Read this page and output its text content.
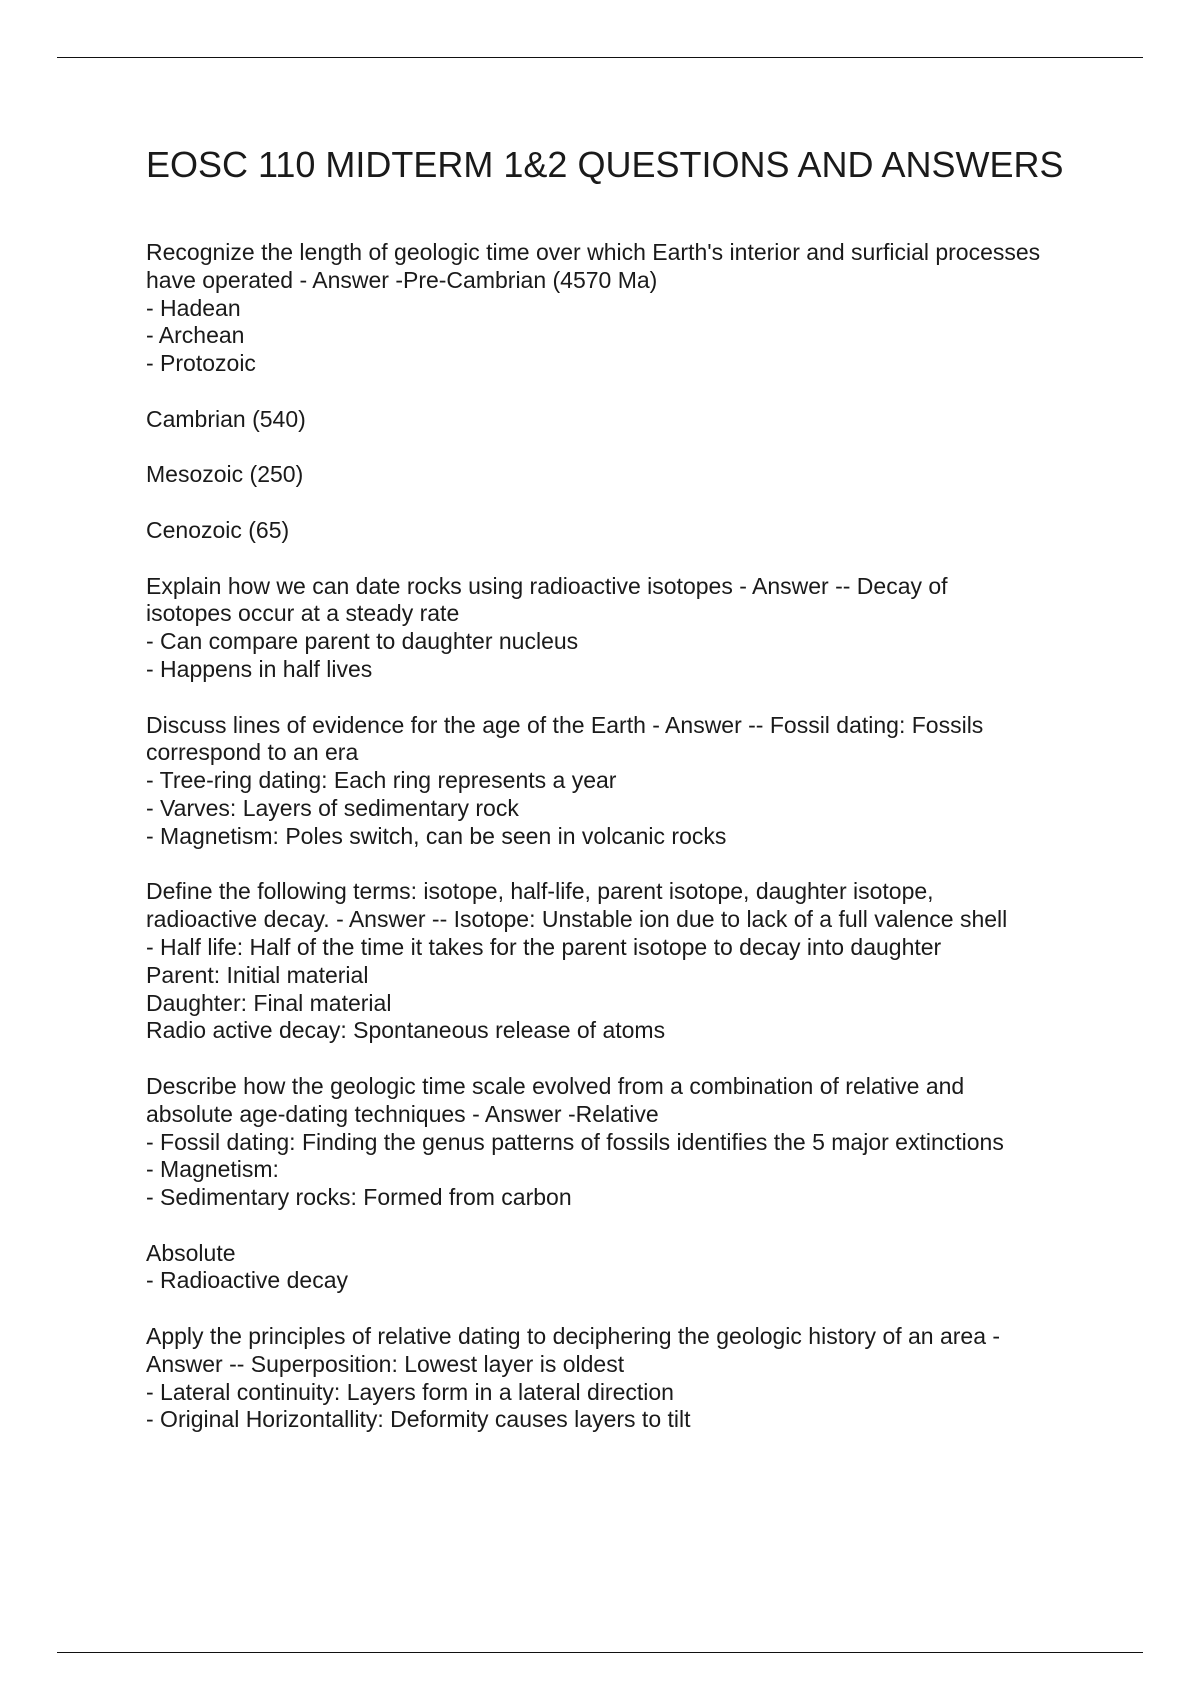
EOSC 110 MIDTERM 1&2 QUESTIONS AND ANSWERS
Recognize the length of geologic time over which Earth's interior and surficial processes
have operated - Answer -Pre-Cambrian (4570 Ma)
- Hadean
- Archean
- Protozoic
Cambrian (540)
Mesozoic (250)
Cenozoic (65)
Explain how we can date rocks using radioactive isotopes - Answer -- Decay of
isotopes occur at a steady rate
- Can compare parent to daughter nucleus
- Happens in half lives
Discuss lines of evidence for the age of the Earth - Answer -- Fossil dating: Fossils
correspond to an era
- Tree-ring dating: Each ring represents a year
- Varves: Layers of sedimentary rock
- Magnetism: Poles switch, can be seen in volcanic rocks
Define the following terms: isotope, half-life, parent isotope, daughter isotope,
radioactive decay. - Answer -- Isotope: Unstable ion due to lack of a full valence shell
- Half life: Half of the time it takes for the parent isotope to decay into daughter
Parent: Initial material
Daughter: Final material
Radio active decay: Spontaneous release of atoms
Describe how the geologic time scale evolved from a combination of relative and
absolute age-dating techniques - Answer -Relative
- Fossil dating: Finding the genus patterns of fossils identifies the 5 major extinctions
- Magnetism:
- Sedimentary rocks: Formed from carbon
Absolute
- Radioactive decay
Apply the principles of relative dating to deciphering the geologic history of an area -
Answer -- Superposition: Lowest layer is oldest
- Lateral continuity: Layers form in a lateral direction
- Original Horizontallity: Deformity causes layers to tilt
